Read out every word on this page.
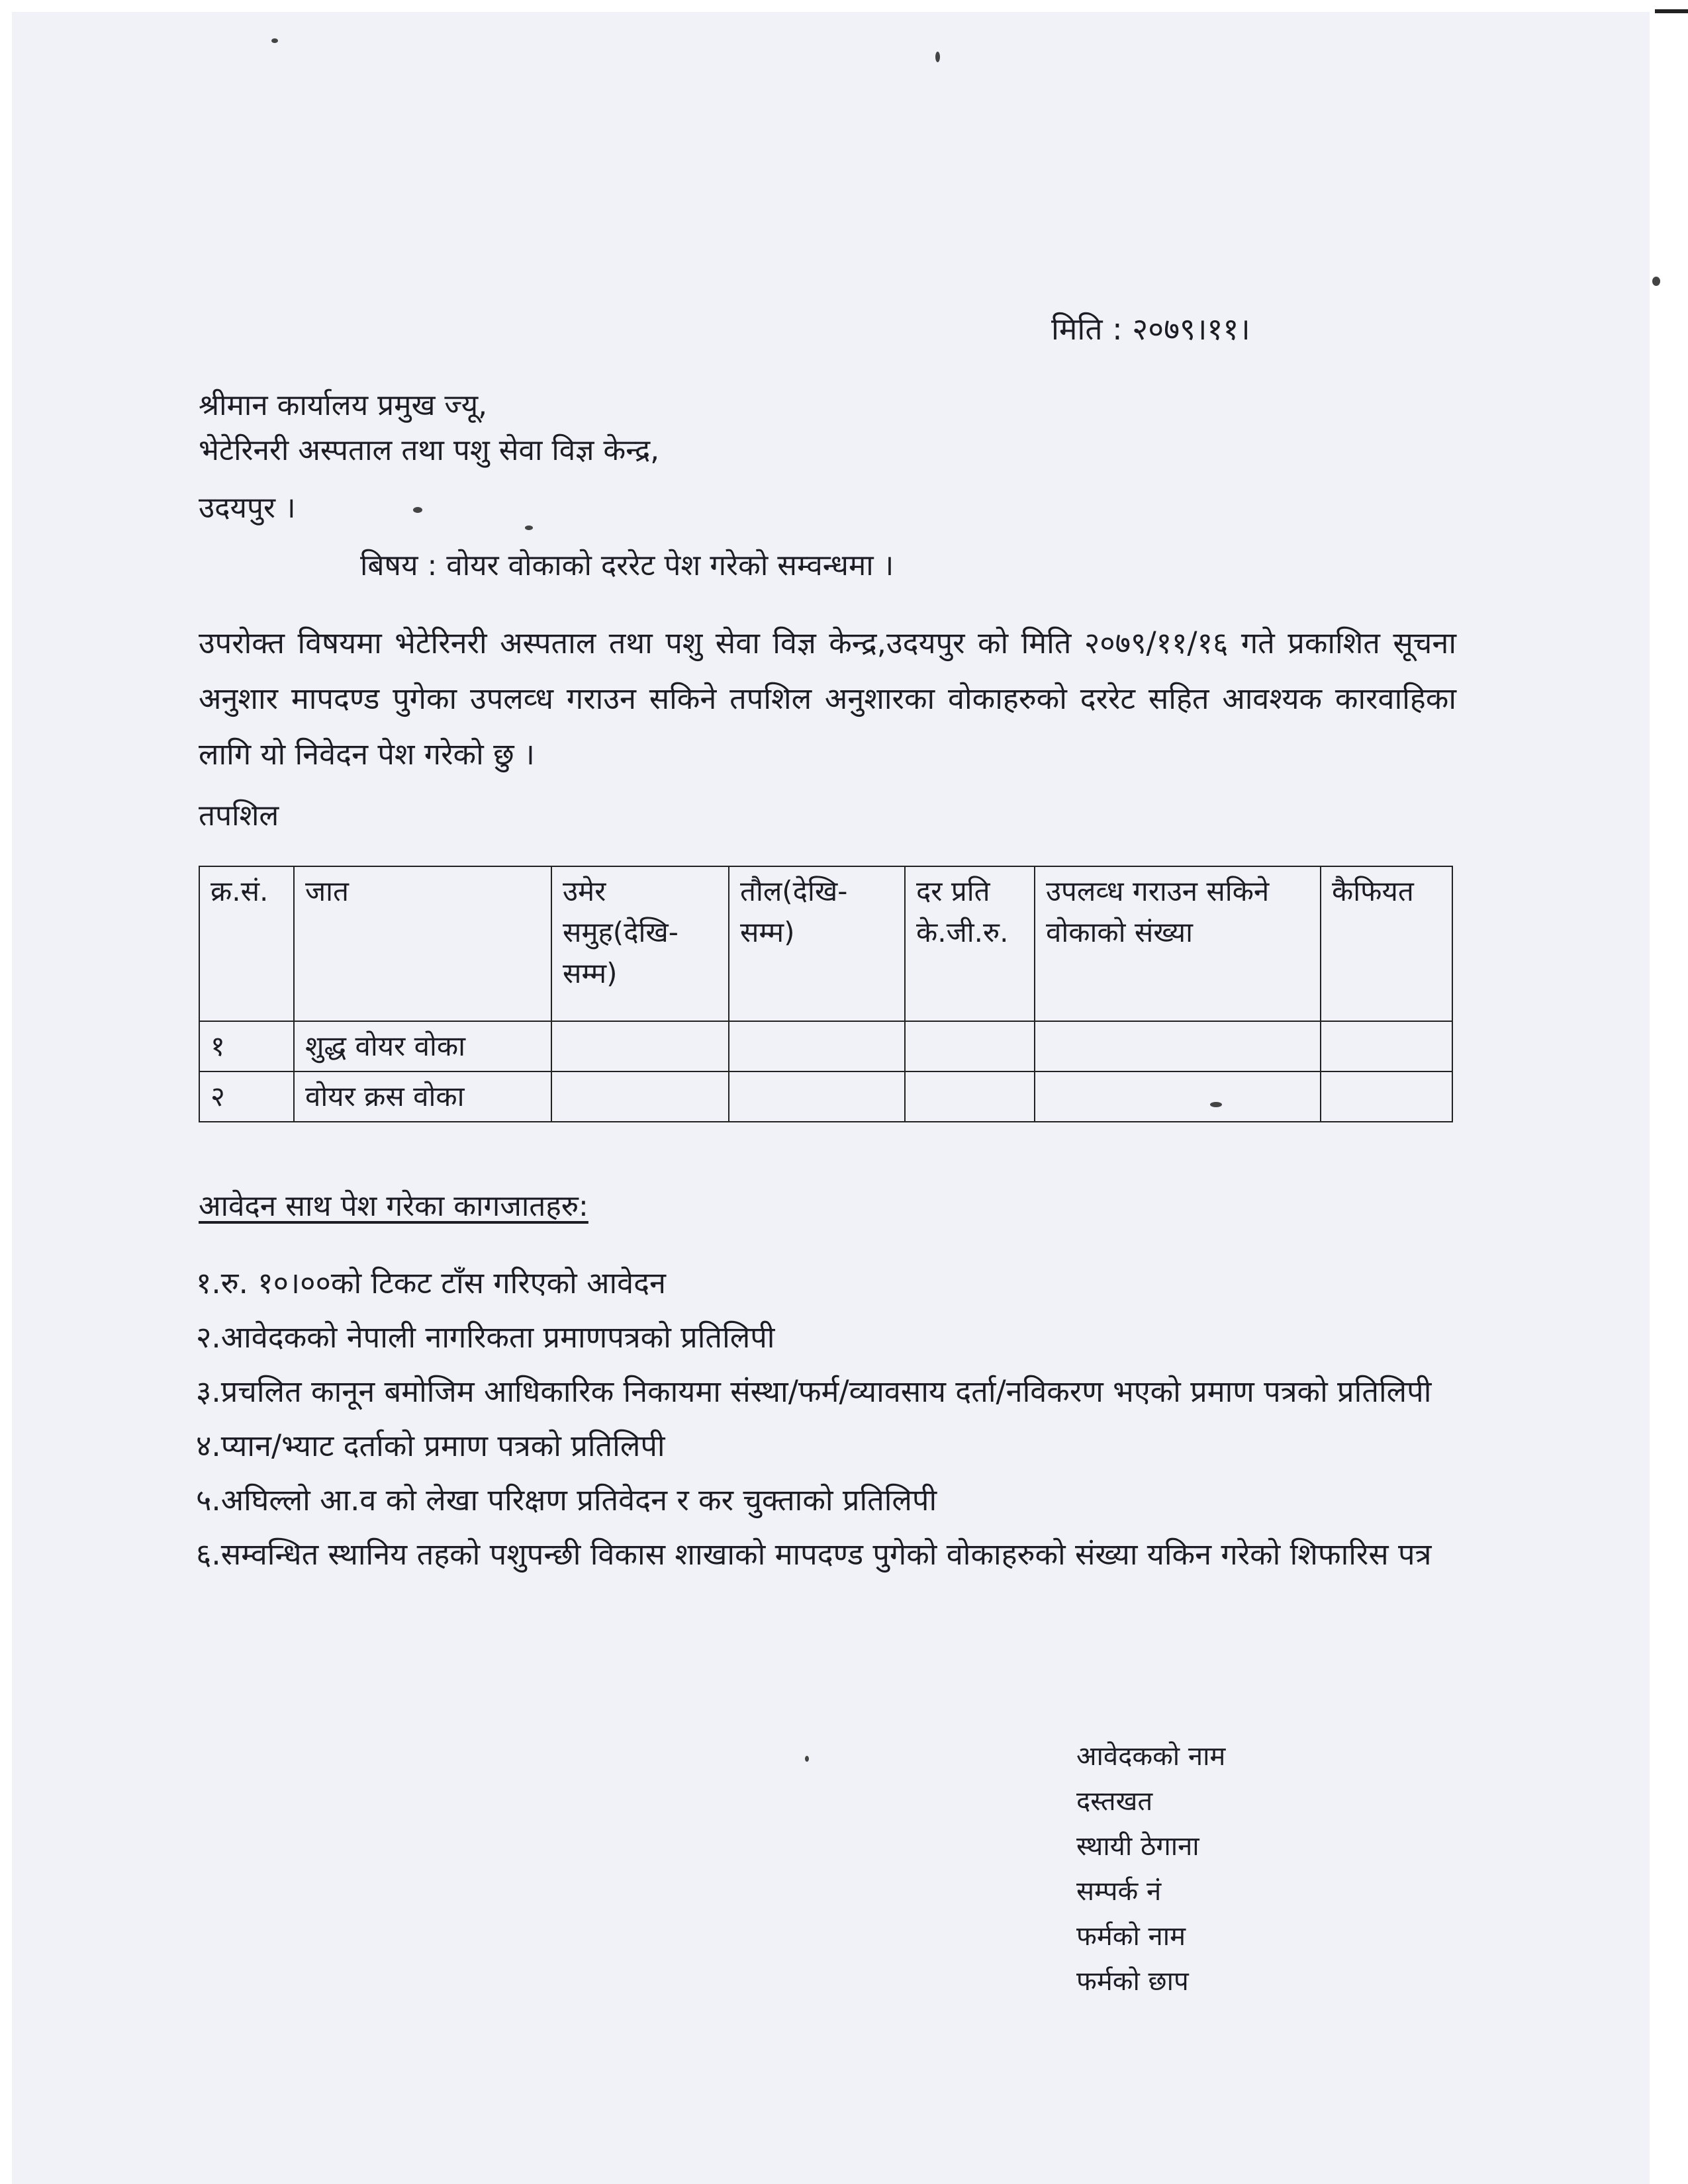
मिति : २०७९।११।
श्रीमान कार्यालय प्रमुख ज्यू,
भेटेरिनरी अस्पताल तथा पशु सेवा विज्ञ केन्द्र,
उदयपुर ।
बिषय : वोयर वोकाको दररेट पेश गरेको सम्वन्धमा ।
उपरोक्त विषयमा भेटेरिनरी अस्पताल तथा पशु सेवा विज्ञ केन्द्र,उदयपुर को मिति २०७९/११/१६ गते प्रकाशित सूचना अनुशार मापदण्ड पुगेका उपलव्ध गराउन सकिने तपशिल अनुशारका वोकाहरुको दररेट सहित आवश्यक कारवाहिका लागि यो निवेदन पेश गरेको छु ।
तपशिल
क्र.सं.	जात	उमेर समुह(देखि-सम्म)	तौल(देखि-सम्म)	दर प्रति के.जी.रु.	उपलव्ध गराउन सकिने वोकाको संख्या	कैफियत
१	शुद्ध वोयर वोका					
२	वोयर क्रस वोका					
आवेदन साथ पेश गरेका कागजातहरु:
१.रु. १०।००को टिकट टाँस गरिएको आवेदन
२.आवेदकको नेपाली नागरिकता प्रमाणपत्रको प्रतिलिपी
३.प्रचलित कानून बमोजिम आधिकारिक निकायमा संस्था/फर्म/व्यावसाय दर्ता/नविकरण भएको प्रमाण पत्रको प्रतिलिपी
४.प्यान/भ्याट दर्ताको प्रमाण पत्रको प्रतिलिपी
५.अघिल्लो आ.व को लेखा परिक्षण प्रतिवेदन र कर चुक्ताको प्रतिलिपी
६.सम्वन्धित स्थानिय तहको पशुपन्छी विकास शाखाको मापदण्ड पुगेको वोकाहरुको संख्या यकिन गरेको शिफारिस पत्र
आवेदकको नाम
दस्तखत
स्थायी ठेगाना
सम्पर्क नं
फर्मको नाम
फर्मको छाप
